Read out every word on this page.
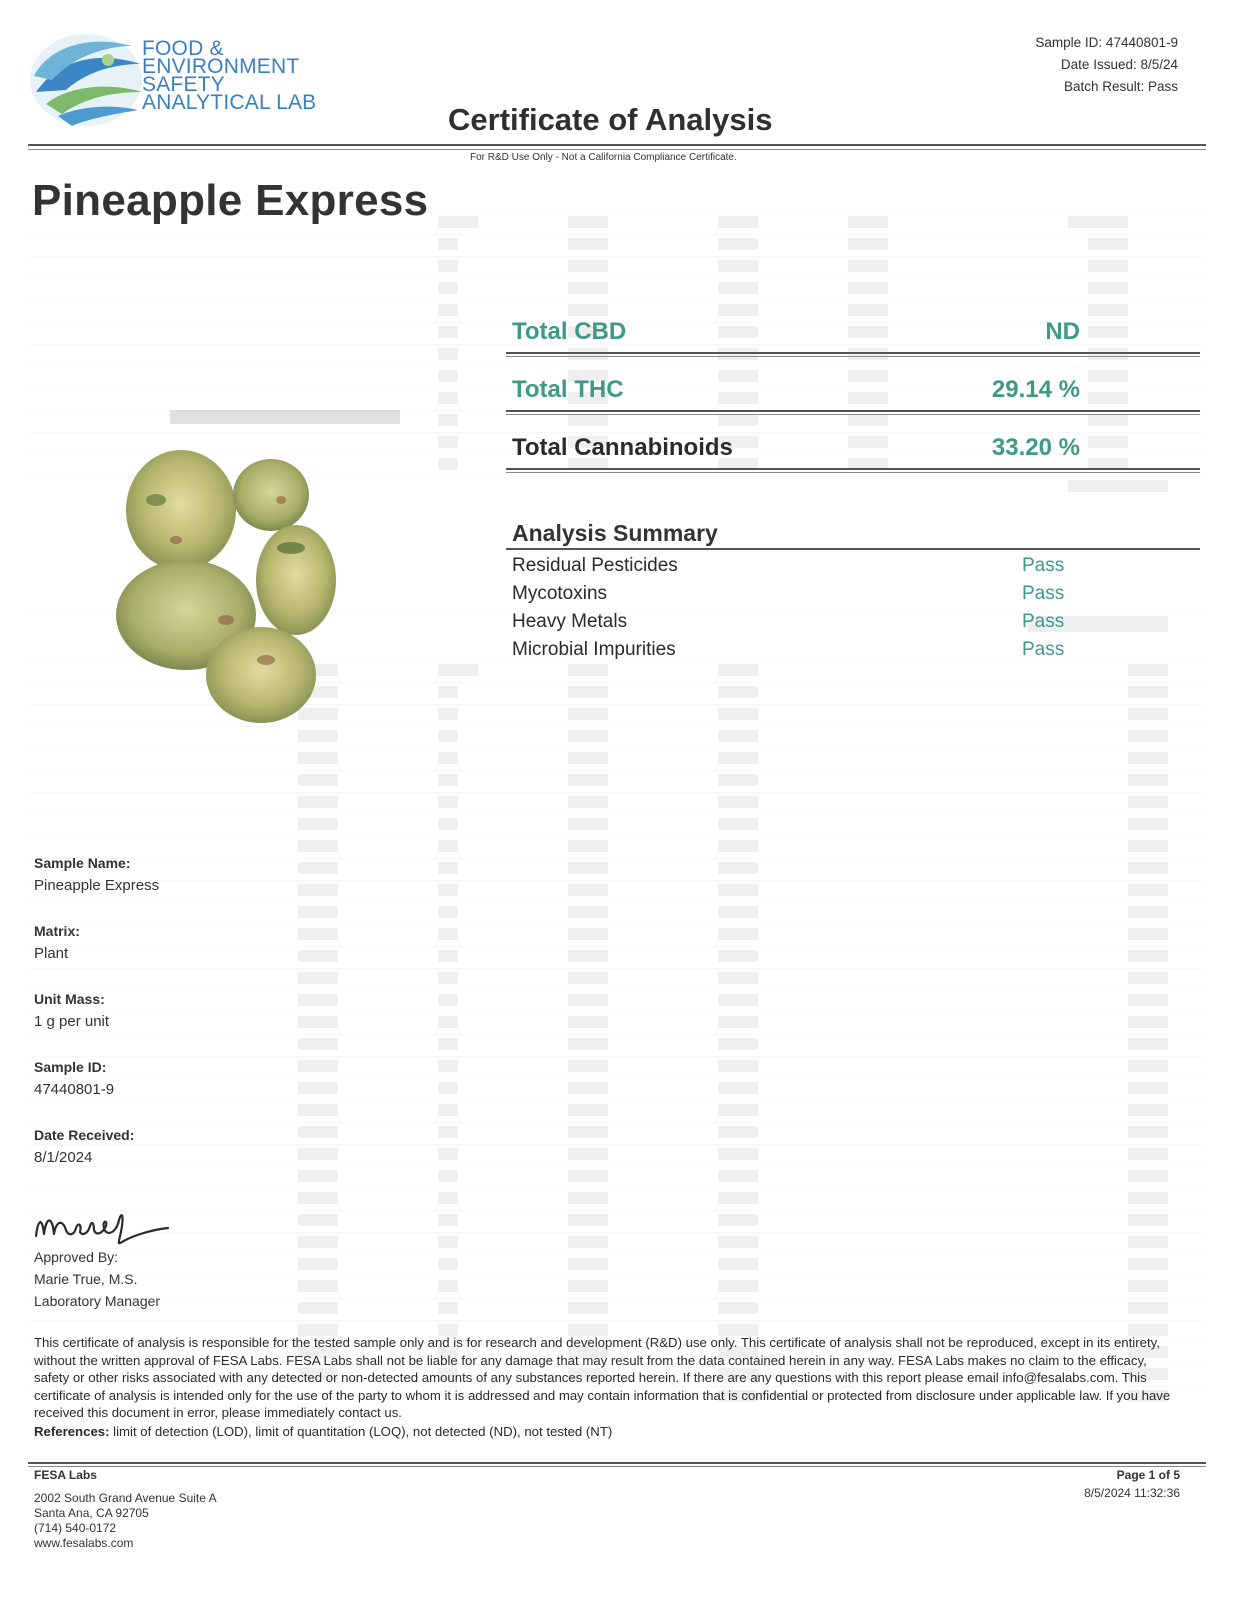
FOOD &
ENVIRONMENT
SAFETY
ANALYTICAL LAB
Sample ID: 47440801-9
Date Issued: 8/5/24
Batch Result: Pass
Certificate of Analysis
For R&D Use Only - Not a California Compliance Certificate.
Pineapple Express
Total CBD	ND
Total THC	29.14 %
Total Cannabinoids	33.20 %
Analysis Summary
Residual Pesticides	Pass
Mycotoxins	Pass
Heavy Metals	Pass
Microbial Impurities	Pass
Sample Name:
Pineapple Express
Matrix:
Plant
Unit Mass:
1 g per unit
Sample ID:
47440801-9
Date Received:
8/1/2024
Approved By:
Marie True, M.S.
Laboratory Manager
This certificate of analysis is responsible for the tested sample only and is for research and development (R&D) use only. This certificate of analysis shall not be reproduced, except in its entirety, without the written approval of FESA Labs. FESA Labs shall not be liable for any damage that may result from the data contained herein in any way. FESA Labs makes no claim to the efficacy, safety or other risks associated with any detected or non-detected amounts of any substances reported herein. If there are any questions with this report please email info@fesalabs.com. This certificate of analysis is intended only for the use of the party to whom it is addressed and may contain information that is confidential or protected from disclosure under applicable law. If you have received this document in error, please immediately contact us.
References: limit of detection (LOD), limit of quantitation (LOQ), not detected (ND), not tested (NT)
FESA Labs
2002 South Grand Avenue Suite A
Santa Ana, CA 92705
(714) 540-0172
www.fesalabs.com
Page 1 of 5
8/5/2024 11:32:36
